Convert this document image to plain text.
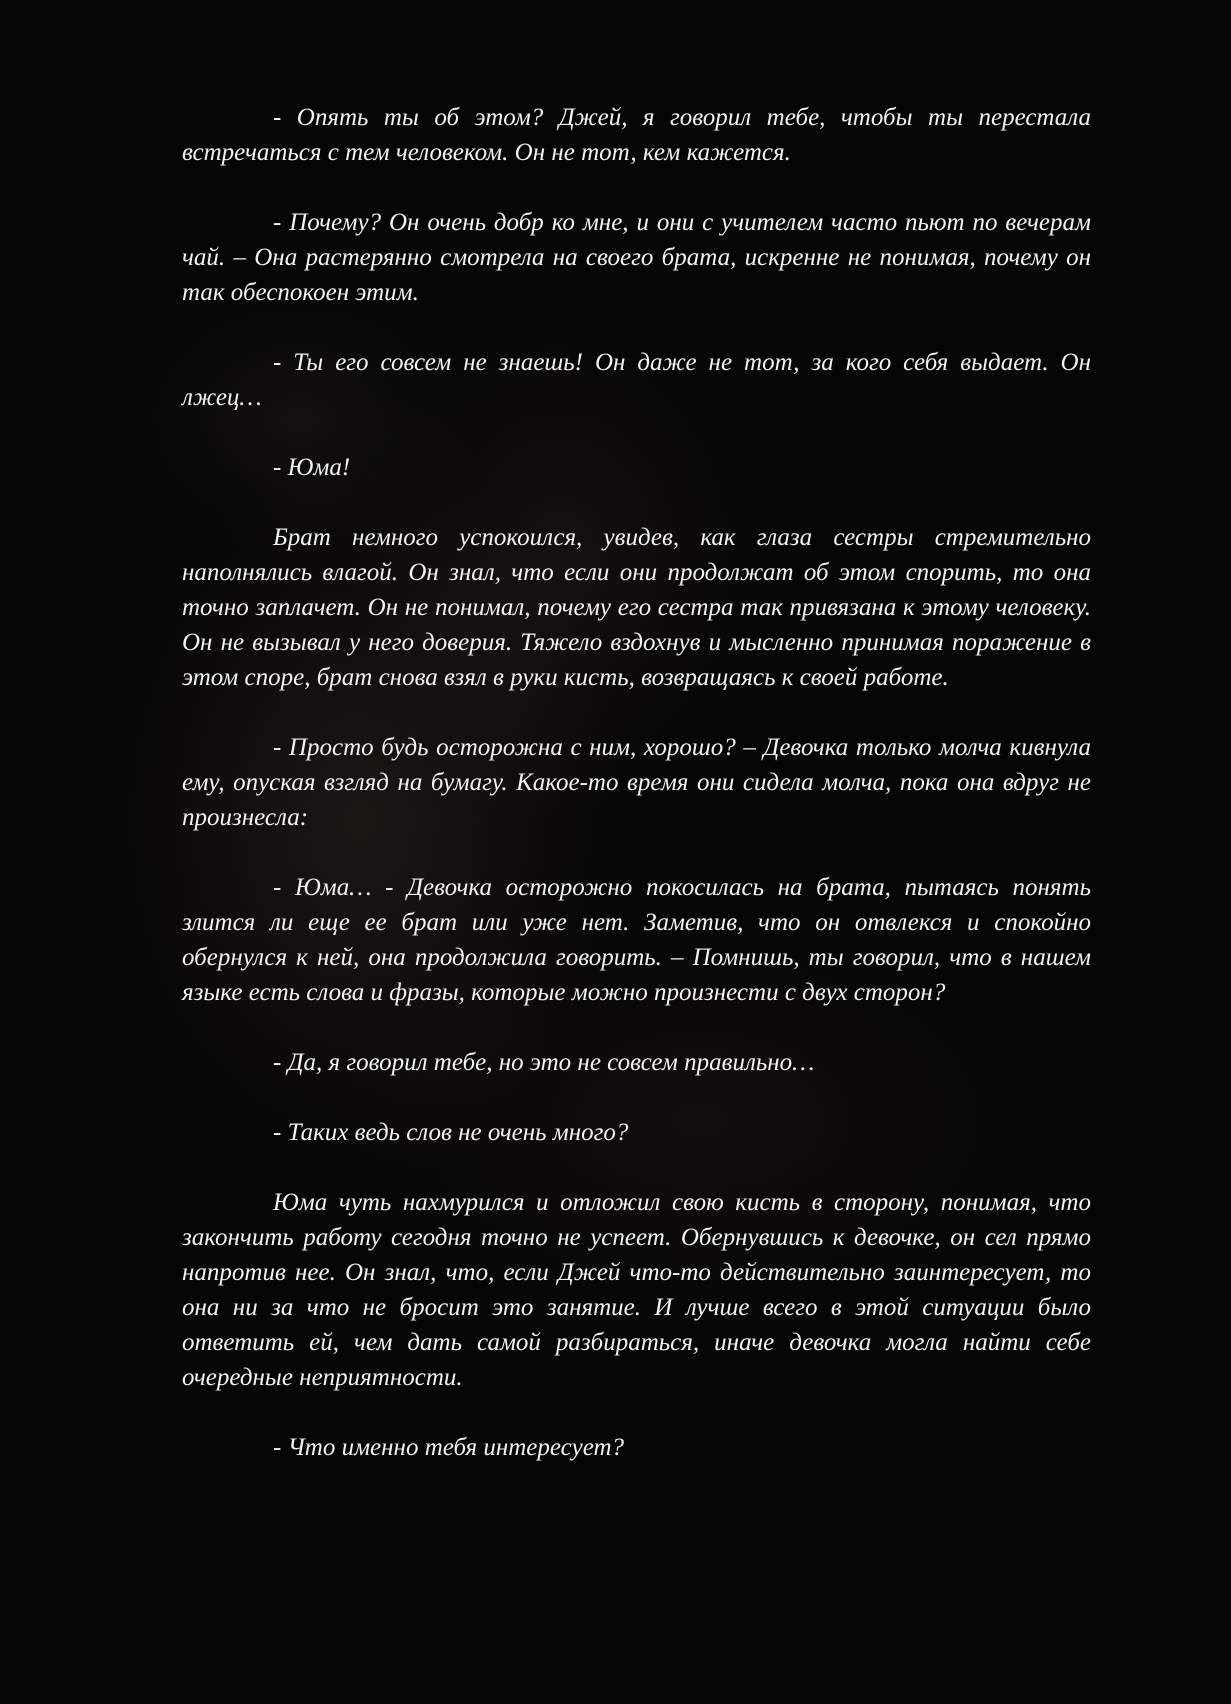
- Опять ты об этом? Джей, я говорил тебе, чтобы ты перестала встречаться с тем человеком. Он не тот, кем кажется.

- Почему? Он очень добр ко мне, и они с учителем часто пьют по вечерам чай. – Она растерянно смотрела на своего брата, искренне не понимая, почему он так обеспокоен этим.

- Ты его совсем не знаешь! Он даже не тот, за кого себя выдает. Он лжец…

- Юма!

Брат немного успокоился, увидев, как глаза сестры стремительно наполнялись влагой. Он знал, что если они продолжат об этом спорить, то она точно заплачет. Он не понимал, почему его сестра так привязана к этому человеку. Он не вызывал у него доверия. Тяжело вздохнув и мысленно принимая поражение в этом споре, брат снова взял в руки кисть, возвращаясь к своей работе.

- Просто будь осторожна с ним, хорошо? – Девочка только молча кивнула ему, опуская взгляд на бумагу. Какое-то время они сидела молча, пока она вдруг не произнесла:

- Юма… - Девочка осторожно покосилась на брата, пытаясь понять злится ли еще ее брат или уже нет. Заметив, что он отвлекся и спокойно обернулся к ней, она продолжила говорить. – Помнишь, ты говорил, что в нашем языке есть слова и фразы, которые можно произнести с двух сторон?

- Да, я говорил тебе, но это не совсем правильно…

- Таких ведь слов не очень много?

Юма чуть нахмурился и отложил свою кисть в сторону, понимая, что закончить работу сегодня точно не успеет. Обернувшись к девочке, он сел прямо напротив нее. Он знал, что, если Джей что-то действительно заинтересует, то она ни за что не бросит это занятие. И лучше всего в этой ситуации было ответить ей, чем дать самой разбираться, иначе девочка могла найти себе очередные неприятности.

- Что именно тебя интересует?
